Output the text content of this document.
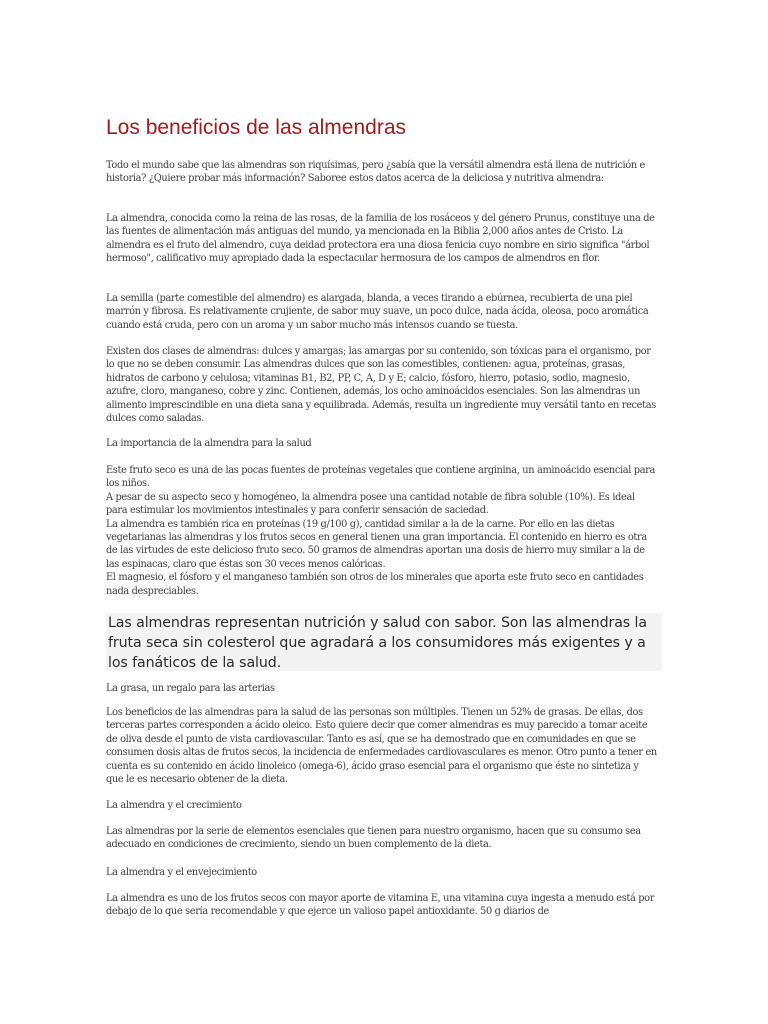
Los beneficios de las almendras

Todo el mundo sabe que las almendras son riquísimas, pero ¿sabía que la versátil almendra está llena de nutrición e historia? ¿Quiere probar más información? Saboree estos datos acerca de la deliciosa y nutritiva almendra:

La almendra, conocida como la reina de las rosas, de la familia de los rosáceos y del género Prunus, constituye una de las fuentes de alimentación más antiguas del mundo, ya mencionada en la Biblia 2,000 años antes de Cristo. La almendra es el fruto del almendro, cuya deidad protectora era una diosa fenicia cuyo nombre en sirio significa "árbol hermoso", calificativo muy apropiado dada la espectacular hermosura de los campos de almendros en flor.

La semilla (parte comestible del almendro) es alargada, blanda, a veces tirando a ebúrnea, recubierta de una piel marrón y fibrosa. Es relativamente crujiente, de sabor muy suave, un poco dulce, nada ácida, oleosa, poco aromática cuando está cruda, pero con un aroma y un sabor mucho más intensos cuando se tuesta.

Existen dos clases de almendras: dulces y amargas; las amargas por su contenido, son tóxicas para el organismo, por lo que no se deben consumir. Las almendras dulces que son las comestibles, contienen: agua, proteínas, grasas, hidratos de carbono y celulosa; vitaminas B1, B2, PP, C, A, D y E; calcio, fósforo, hierro, potasio, sodio, magnesio, azufre, cloro, manganeso, cobre y zinc. Contienen, además, los ocho aminoácidos esenciales. Son las almendras un alimento imprescindible en una dieta sana y equilibrada. Además, resulta un ingrediente muy versátil tanto en recetas dulces como saladas.

La importancia de la almendra para la salud

Este fruto seco es una de las pocas fuentes de proteínas vegetales que contiene arginina, un aminoácido esencial para los niños.
A pesar de su aspecto seco y homogéneo, la almendra posee una cantidad notable de fibra soluble (10%). Es ideal para estimular los movimientos intestinales y para conferir sensación de saciedad.
La almendra es también rica en proteínas (19 g/100 g), cantidad similar a la de la carne. Por ello en las dietas vegetarianas las almendras y los frutos secos en general tienen una gran importancia. El contenido en hierro es otra de las virtudes de este delicioso fruto seco. 50 gramos de almendras aportan una dosis de hierro muy similar a la de las espinacas, claro que éstas son 30 veces menos calóricas.
El magnesio, el fósforo y el manganeso también son otros de los minerales que aporta este fruto seco en cantidades nada despreciables.
Las almendras representan nutrición y salud con sabor. Son las almendras la fruta seca sin colesterol que agradará a los consumidores más exigentes y a los fanáticos de la salud.

La grasa, un regalo para las arterias

Los beneficios de las almendras para la salud de las personas son múltiples. Tienen un 52% de grasas. De ellas, dos terceras partes corresponden a ácido oleico. Esto quiere decir que comer almendras es muy parecido a tomar aceite de oliva desde el punto de vista cardiovascular. Tanto es así, que se ha demostrado que en comunidades en que se consumen dosis altas de frutos secos, la incidencia de enfermedades cardiovasculares es menor. Otro punto a tener en cuenta es su contenido en ácido linoleico (omega-6), ácido graso esencial para el organismo que éste no sintetiza y que le es necesario obtener de la dieta.

La almendra y el crecimiento

Las almendras por la serie de elementos esenciales que tienen para nuestro organismo, hacen que su consumo sea adecuado en condiciones de crecimiento, siendo un buen complemento de la dieta.

La almendra y el envejecimiento

La almendra es uno de los frutos secos con mayor aporte de vitamina E, una vitamina cuya ingesta a menudo está por debajo de lo que sería recomendable y que ejerce un valioso papel antioxidante. 50 g diarios de
